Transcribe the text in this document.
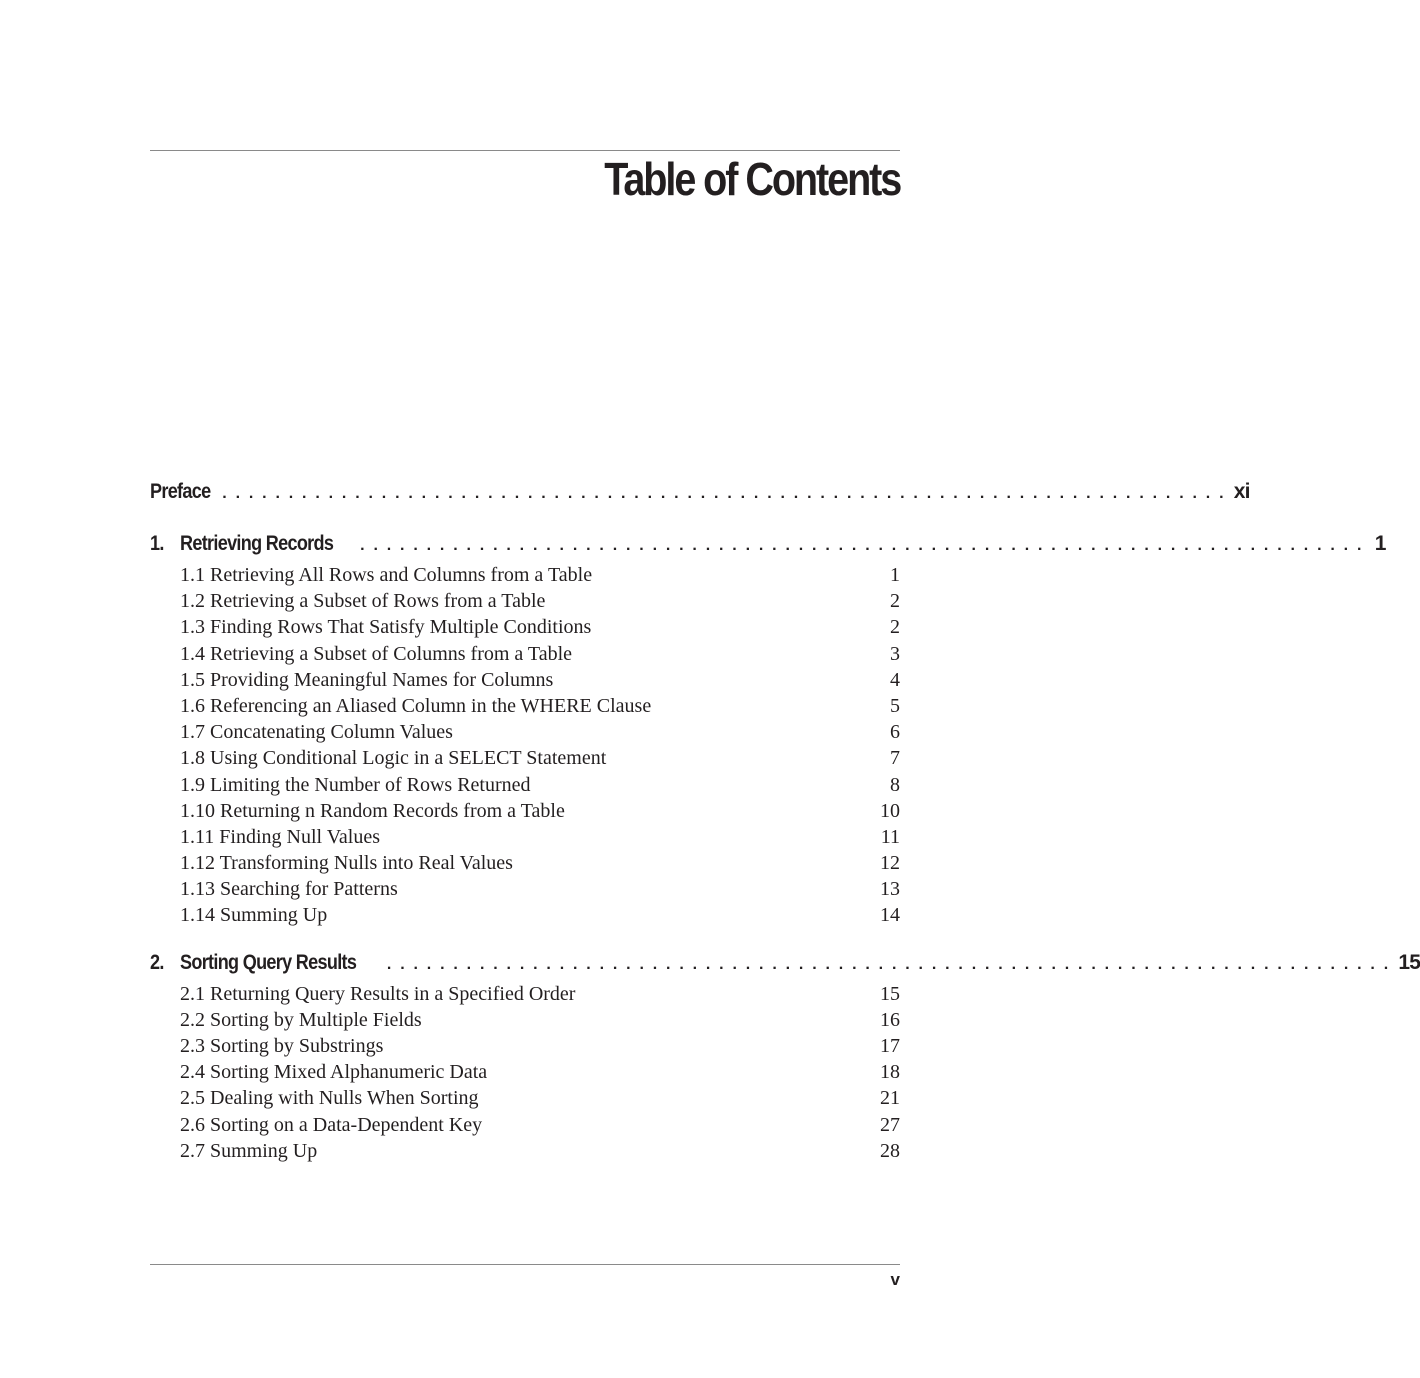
Table of Contents
Preface . . . . . . . . . . . . . . . . . . . . . . . . . . . . . . . . . . . . . . . . . . . . . . . . . . . . . . . . . . . . . . . . . . . . . . . . . . . . xi
1. Retrieving Records	. . . . . . . . . . . . . . . . . . . . . . . . . . . . . . . . . . . . . . . . . . . . . . . . . . . . . . . . . . . . . . . . . . . . . . . . . . . . 1
1.1 Retrieving All Rows and Columns from a Table	1
1.2 Retrieving a Subset of Rows from a Table	2
1.3 Finding Rows That Satisfy Multiple Conditions	2
1.4 Retrieving a Subset of Columns from a Table	3
1.5 Providing Meaningful Names for Columns	4
1.6 Referencing an Aliased Column in the WHERE Clause	5
1.7 Concatenating Column Values	6
1.8 Using Conditional Logic in a SELECT Statement	7
1.9 Limiting the Number of Rows Returned	8
1.10 Returning n Random Records from a Table	10
1.11 Finding Null Values	11
1.12 Transforming Nulls into Real Values	12
1.13 Searching for Patterns	13
1.14 Summing Up	14
2. Sorting Query Results	. . . . . . . . . . . . . . . . . . . . . . . . . . . . . . . . . . . . . . . . . . . . . . . . . . . . . . . . . . . . . . . . . . . . . . . . . . . . 15
2.1 Returning Query Results in a Specified Order	15
2.2 Sorting by Multiple Fields	16
2.3 Sorting by Substrings	17
2.4 Sorting Mixed Alphanumeric Data	18
2.5 Dealing with Nulls When Sorting	21
2.6 Sorting on a Data-Dependent Key	27
2.7 Summing Up	28
v
